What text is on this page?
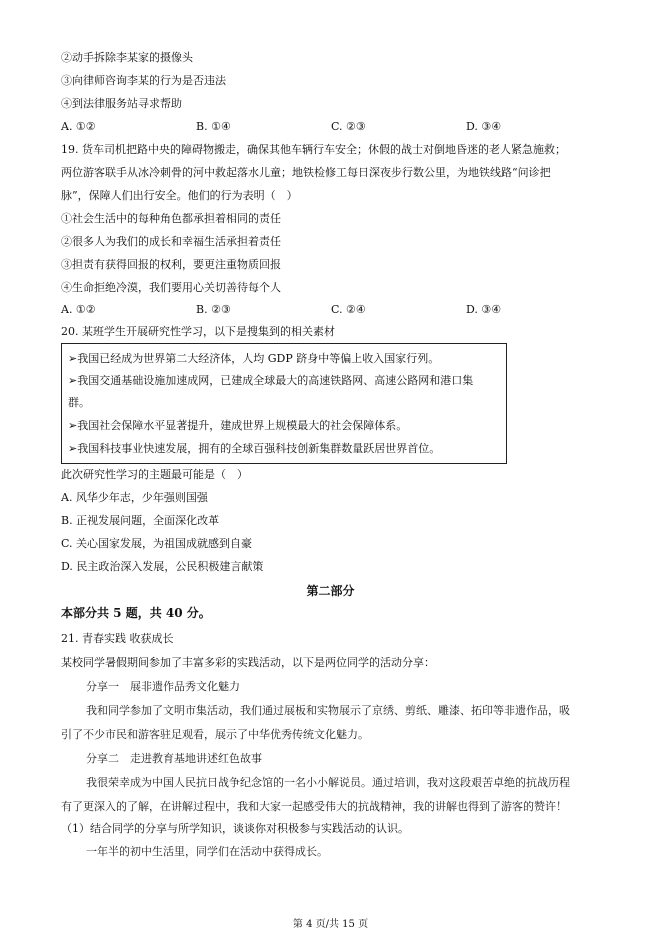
②动手拆除李某家的摄像头
③向律师咨询李某的行为是否违法
④到法律服务站寻求帮助
A. ①②	B. ①④	C. ②③	D. ③④
19. 货车司机把路中央的障碍物搬走，确保其他车辆行车安全；休假的战士对倒地昏迷的老人紧急施救；
两位游客联手从冰冷刺骨的河中救起落水儿童；地铁检修工每日深夜步行数公里，为地铁线路“问诊把
脉”，保障人们出行安全。他们的行为表明（　）
①社会生活中的每种角色都承担着相同的责任
②很多人为我们的成长和幸福生活承担着责任
③担责有获得回报的权利，要更注重物质回报
④生命拒绝冷漠，我们要用心关切善待每个人
A. ①②	B. ②③	C. ②④	D. ③④
20. 某班学生开展研究性学习，以下是搜集到的相关素材
➢我国已经成为世界第二大经济体，人均 GDP 跻身中等偏上收入国家行列。
➢我国交通基础设施加速成网，已建成全球最大的高速铁路网、高速公路网和港口集
群。
➢我国社会保障水平显著提升，建成世界上规模最大的社会保障体系。
➢我国科技事业快速发展，拥有的全球百强科技创新集群数量跃居世界首位。
此次研究性学习的主题最可能是（　）
A. 风华少年志，少年强则国强
B. 正视发展问题，全面深化改革
C. 关心国家发展，为祖国成就感到自豪
D. 民主政治深入发展，公民积极建言献策
第二部分
本部分共 5 题，共 40 分。
21. 青春实践 收获成长
某校同学暑假期间参加了丰富多彩的实践活动，以下是两位同学的活动分享：
分享一　展非遗作品秀文化魅力
我和同学参加了文明市集活动，我们通过展板和实物展示了京绣、剪纸、雕漆、拓印等非遗作品，吸
引了不少市民和游客驻足观看，展示了中华优秀传统文化魅力。
分享二　走进教育基地讲述红色故事
我很荣幸成为中国人民抗日战争纪念馆的一名小小解说员。通过培训，我对这段艰苦卓绝的抗战历程
有了更深入的了解，在讲解过程中，我和大家一起感受伟大的抗战精神，我的讲解也得到了游客的赞许！
（1）结合同学的分享与所学知识，谈谈你对积极参与实践活动的认识。
一年半的初中生活里，同学们在活动中获得成长。
第 4 页/共 15 页
